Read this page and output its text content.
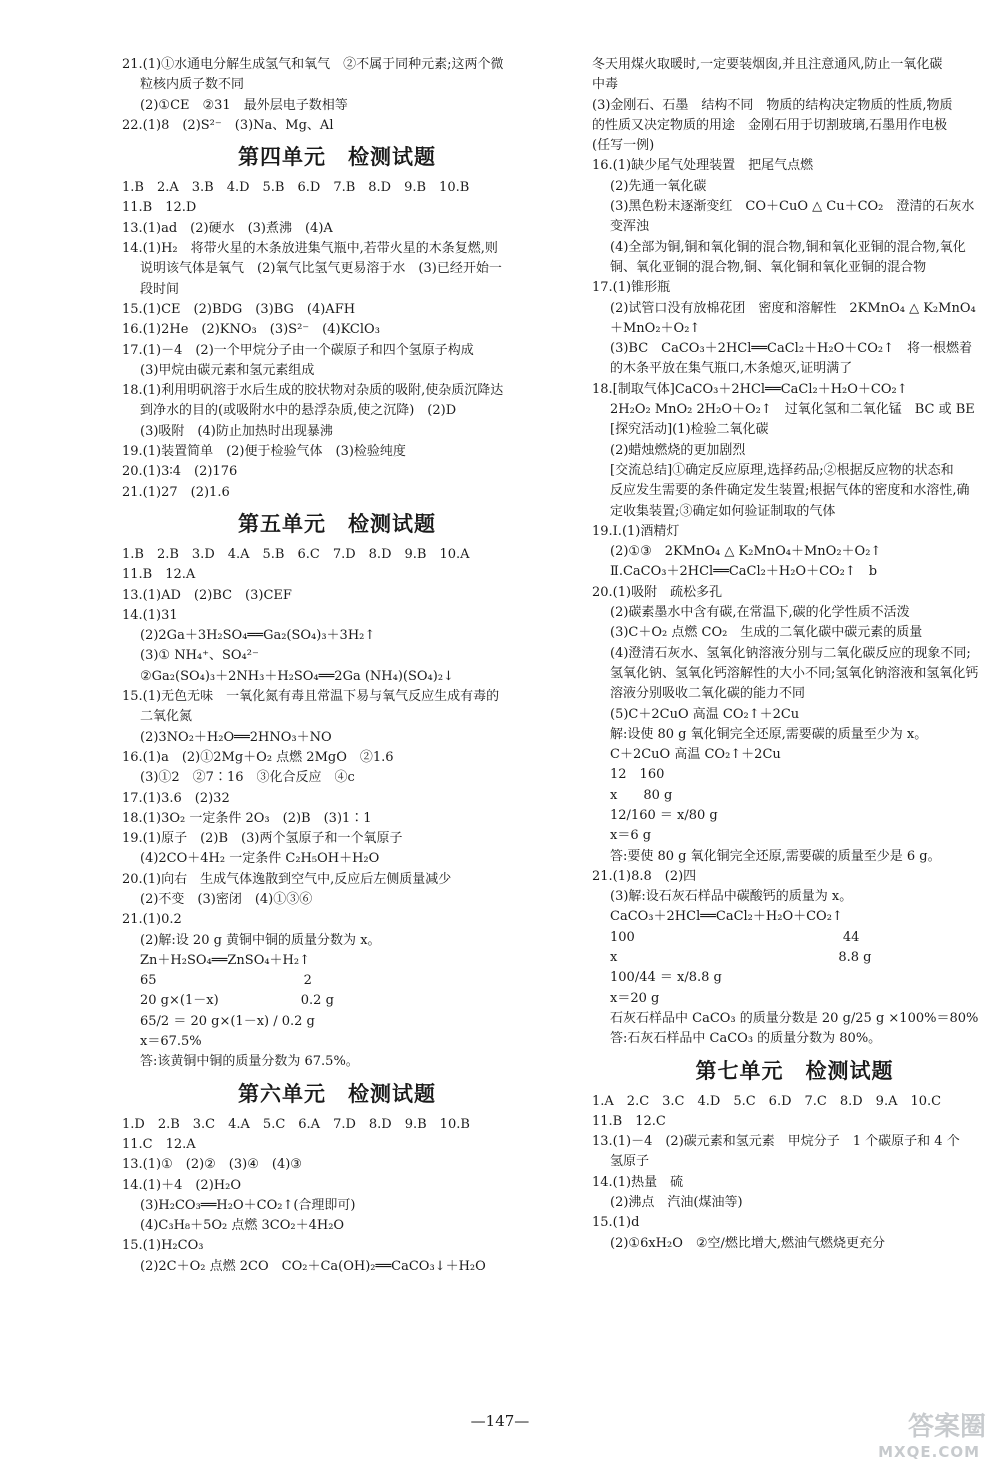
21.(1)①水通电分解生成氢气和氧气　②不属于同种元素;这两个微
粒核内质子数不同
(2)①CE　②31　最外层电子数相等
22.(1)8　(2)S²⁻　(3)Na、Mg、Al
第四单元　检测试题
1.B　2.A　3.B　4.D　5.B　6.D　7.B　8.D　9.B　10.B
11.B　12.D
13.(1)ad　(2)硬水　(3)煮沸　(4)A
14.(1)H₂　将带火星的木条放进集气瓶中,若带火星的木条复燃,则
说明该气体是氧气　(2)氧气比氢气更易溶于水　(3)已经开始一
段时间
15.(1)CE　(2)BDG　(3)BG　(4)AFH
16.(1)2He　(2)KNO₃　(3)S²⁻　(4)KClO₃
17.(1)－4　(2)一个甲烷分子由一个碳原子和四个氢原子构成
(3)甲烷由碳元素和氢元素组成
18.(1)利用明矾溶于水后生成的胶状物对杂质的吸附,使杂质沉降达
到净水的目的(或吸附水中的悬浮杂质,使之沉降)　(2)D
(3)吸附　(4)防止加热时出现暴沸
19.(1)装置简单　(2)便于检验气体　(3)检验纯度
20.(1)3∶4　(2)176
21.(1)27　(2)1.6
第五单元　检测试题
1.B　2.B　3.D　4.A　5.B　6.C　7.D　8.D　9.B　10.A
11.B　12.A
13.(1)AD　(2)BC　(3)CEF
14.(1)31
(2)2Ga＋3H₂SO₄══Ga₂(SO₄)₃＋3H₂↑
(3)① NH₄⁺、SO₄²⁻
②Ga₂(SO₄)₃＋2NH₃＋H₂SO₄══2Ga (NH₄)(SO₄)₂↓
15.(1)无色无味　一氧化氮有毒且常温下易与氧气反应生成有毒的
二氧化氮
(2)3NO₂＋H₂O══2HNO₃＋NO
16.(1)a　(2)①2Mg＋O₂ 点燃 2MgO　②1.6
(3)①2　②7∶16　③化合反应　④c
17.(1)3.6　(2)32
18.(1)3O₂ 一定条件 2O₃　(2)B　(3)1∶1
19.(1)原子　(2)B　(3)两个氢原子和一个氧原子
(4)2CO＋4H₂ 一定条件 C₂H₅OH＋H₂O
20.(1)向右　生成气体逸散到空气中,反应后左侧质量减少
(2)不变　(3)密闭　(4)①③⑥
21.(1)0.2
(2)解:设 20 g 黄铜中铜的质量分数为 x。
Zn＋H₂SO₄══ZnSO₄＋H₂↑
65　　　　　　　　　　　 2
20 g×(1－x)　　　　　　 0.2 g
65/2 ＝ 20 g×(1－x) / 0.2 g
x＝67.5%
答:该黄铜中铜的质量分数为 67.5%。
第六单元　检测试题
1.D　2.B　3.C　4.A　5.C　6.A　7.D　8.D　9.B　10.B
11.C　12.A
13.(1)①　(2)②　(3)④　(4)③
14.(1)＋4　(2)H₂O
(3)H₂CO₃══H₂O＋CO₂↑(合理即可)
(4)C₃H₈＋5O₂ 点燃 3CO₂＋4H₂O
15.(1)H₂CO₃
(2)2C＋O₂ 点燃 2CO　CO₂＋Ca(OH)₂══CaCO₃↓＋H₂O
冬天用煤火取暖时,一定要装烟囱,并且注意通风,防止一氧化碳
中毒
(3)金刚石、石墨　结构不同　物质的结构决定物质的性质,物质
的性质又决定物质的用途　金刚石用于切割玻璃,石墨用作电极
(任写一例)
16.(1)缺少尾气处理装置　把尾气点燃
(2)先通一氧化碳
(3)黑色粉末逐渐变红　CO＋CuO △ Cu＋CO₂　澄清的石灰水
变浑浊
(4)全部为铜,铜和氧化铜的混合物,铜和氧化亚铜的混合物,氧化
铜、氧化亚铜的混合物,铜、氧化铜和氧化亚铜的混合物
17.(1)锥形瓶
(2)试管口没有放棉花团　密度和溶解性　2KMnO₄ △ K₂MnO₄
＋MnO₂＋O₂↑
(3)BC　CaCO₃＋2HCl══CaCl₂＋H₂O＋CO₂↑　将一根燃着
的木条平放在集气瓶口,木条熄灭,证明满了
18.[制取气体]CaCO₃＋2HCl══CaCl₂＋H₂O＋CO₂↑
2H₂O₂ MnO₂ 2H₂O＋O₂↑　过氧化氢和二氧化锰　BC 或 BE
[探究活动](1)检验二氧化碳
(2)蜡烛燃烧的更加剧烈
[交流总结]①确定反应原理,选择药品;②根据反应物的状态和
反应发生需要的条件确定发生装置;根据气体的密度和水溶性,确
定收集装置;③确定如何验证制取的气体
19.Ⅰ.(1)酒精灯
(2)①③　2KMnO₄ △ K₂MnO₄＋MnO₂＋O₂↑
Ⅱ.CaCO₃＋2HCl══CaCl₂＋H₂O＋CO₂↑　b
20.(1)吸附　疏松多孔
(2)碳素墨水中含有碳,在常温下,碳的化学性质不活泼
(3)C＋O₂ 点燃 CO₂　生成的二氧化碳中碳元素的质量
(4)澄清石灰水、氢氧化钠溶液分别与二氧化碳反应的现象不同;
氢氧化钠、氢氧化钙溶解性的大小不同;氢氧化钠溶液和氢氧化钙
溶液分别吸收二氧化碳的能力不同
(5)C＋2CuO 高温 CO₂↑＋2Cu
解:设使 80 g 氧化铜完全还原,需要碳的质量至少为 x。
C＋2CuO 高温 CO₂↑＋2Cu
12　160
x　　80 g
12/160 ＝ x/80 g
x＝6 g
答:要使 80 g 氧化铜完全还原,需要碳的质量至少是 6 g。
21.(1)8.8　(2)四
(3)解:设石灰石样品中碳酸钙的质量为 x。
CaCO₃＋2HCl══CaCl₂＋H₂O＋CO₂↑
100　　　　　　　　　　　　　　　　44
x　　　　　　　　　　　　　　　　　8.8 g
100/44 ＝ x/8.8 g
x＝20 g
石灰石样品中 CaCO₃ 的质量分数是 20 g/25 g ×100%＝80%
答:石灰石样品中 CaCO₃ 的质量分数为 80%。
第七单元　检测试题
1.A　2.C　3.C　4.D　5.C　6.D　7.C　8.D　9.A　10.C
11.B　12.C
13.(1)－4　(2)碳元素和氢元素　甲烷分子　1 个碳原子和 4 个
氢原子
14.(1)热量　硫
(2)沸点　汽油(煤油等)
15.(1)d
(2)①6xH₂O　②空/燃比增大,燃油气燃烧更充分
—147—	答案圈
MXQE.COM
